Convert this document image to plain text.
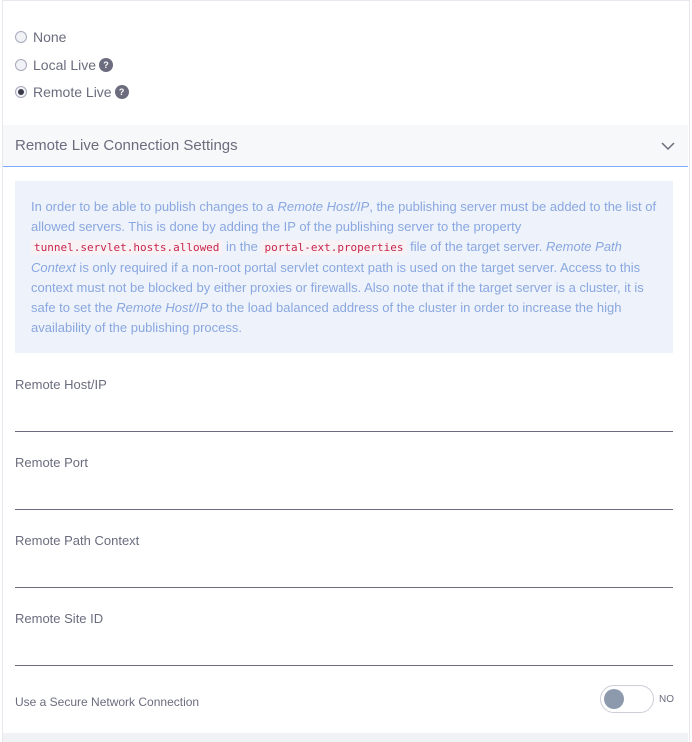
None
Local Live ?
Remote Live ?
Remote Live Connection Settings
In order to be able to publish changes to a Remote Host/IP, the publishing server must be added to the list of allowed servers. This is done by adding the IP of the publishing server to the property tunnel.servlet.hosts.allowed in the portal-ext.properties file of the target server. Remote Path Context is only required if a non-root portal servlet context path is used on the target server. Access to this context must not be blocked by either proxies or firewalls. Also note that if the target server is a cluster, it is safe to set the Remote Host/IP to the load balanced address of the cluster in order to increase the high availability of the publishing process.
Remote Host/IP
Remote Port
Remote Path Context
Remote Site ID
Use a Secure Network Connection	NO
